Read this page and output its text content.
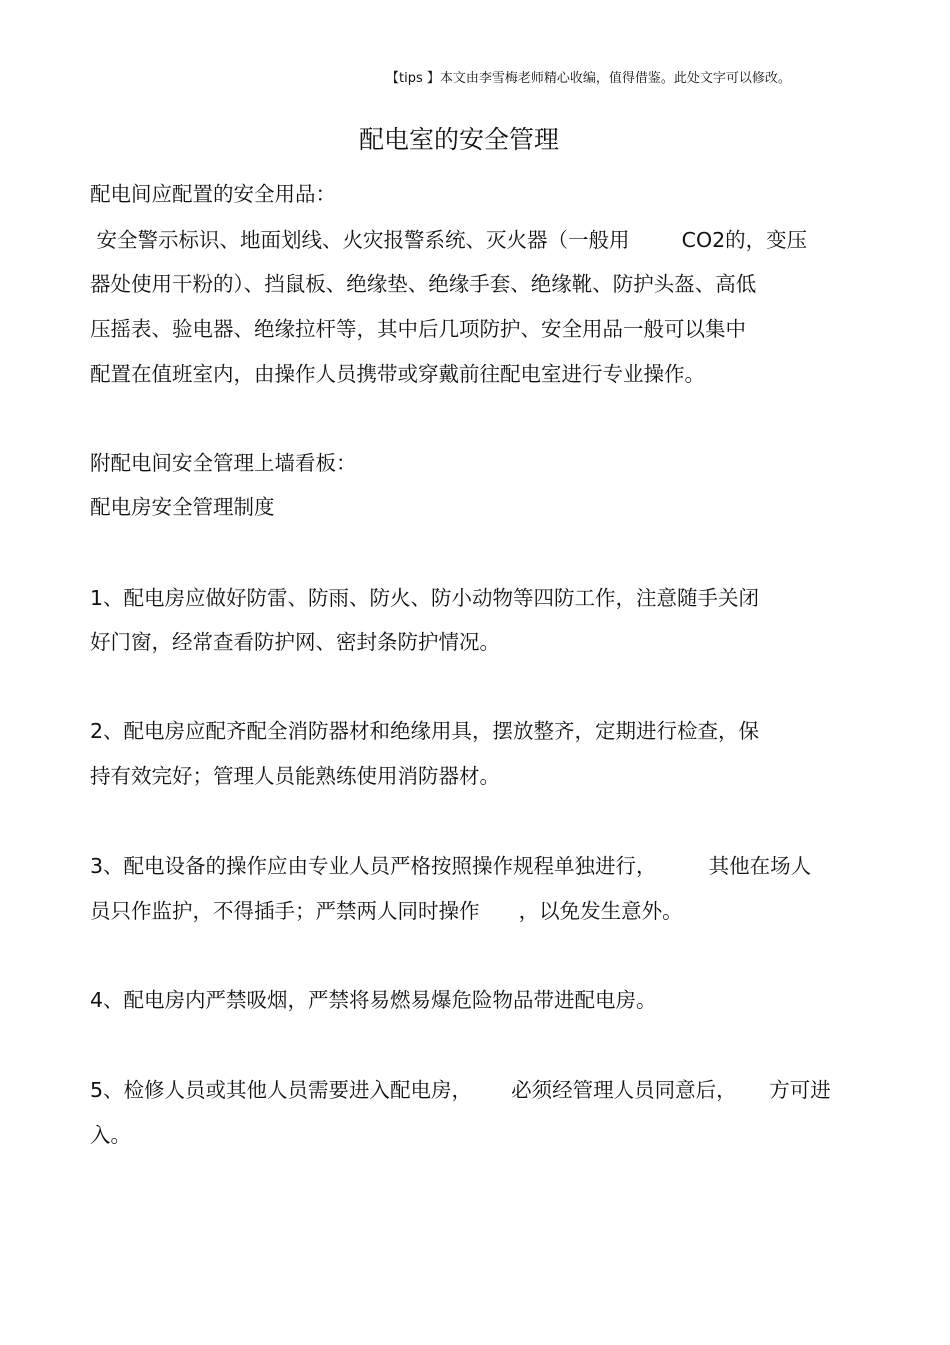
【tips 】本文由李雪梅老师精心收编，值得借鉴。此处文字可以修改。
配电室的安全管理
配电间应配置的安全用品：
安全警示标识、地面划线、火灾报警系统、灭火器（一般用        CO2的，变压
器处使用干粉的）、挡鼠板、绝缘垫、绝缘手套、绝缘靴、防护头盔、高低
压摇表、验电器、绝缘拉杆等，其中后几项防护、安全用品一般可以集中
配置在值班室内，由操作人员携带或穿戴前往配电室进行专业操作。
附配电间安全管理上墙看板：
配电房安全管理制度
1、配电房应做好防雷、防雨、防火、防小动物等四防工作，注意随手关闭
好门窗，经常查看防护网、密封条防护情况。
2、配电房应配齐配全消防器材和绝缘用具，摆放整齐，定期进行检查，保
持有效完好；管理人员能熟练使用消防器材。
3、配电设备的操作应由专业人员严格按照操作规程单独进行，        其他在场人
员只作监护，不得插手；严禁两人同时操作      ，以免发生意外。
4、配电房内严禁吸烟，严禁将易燃易爆危险物品带进配电房。
5、检修人员或其他人员需要进入配电房，      必须经管理人员同意后，     方可进
入。
